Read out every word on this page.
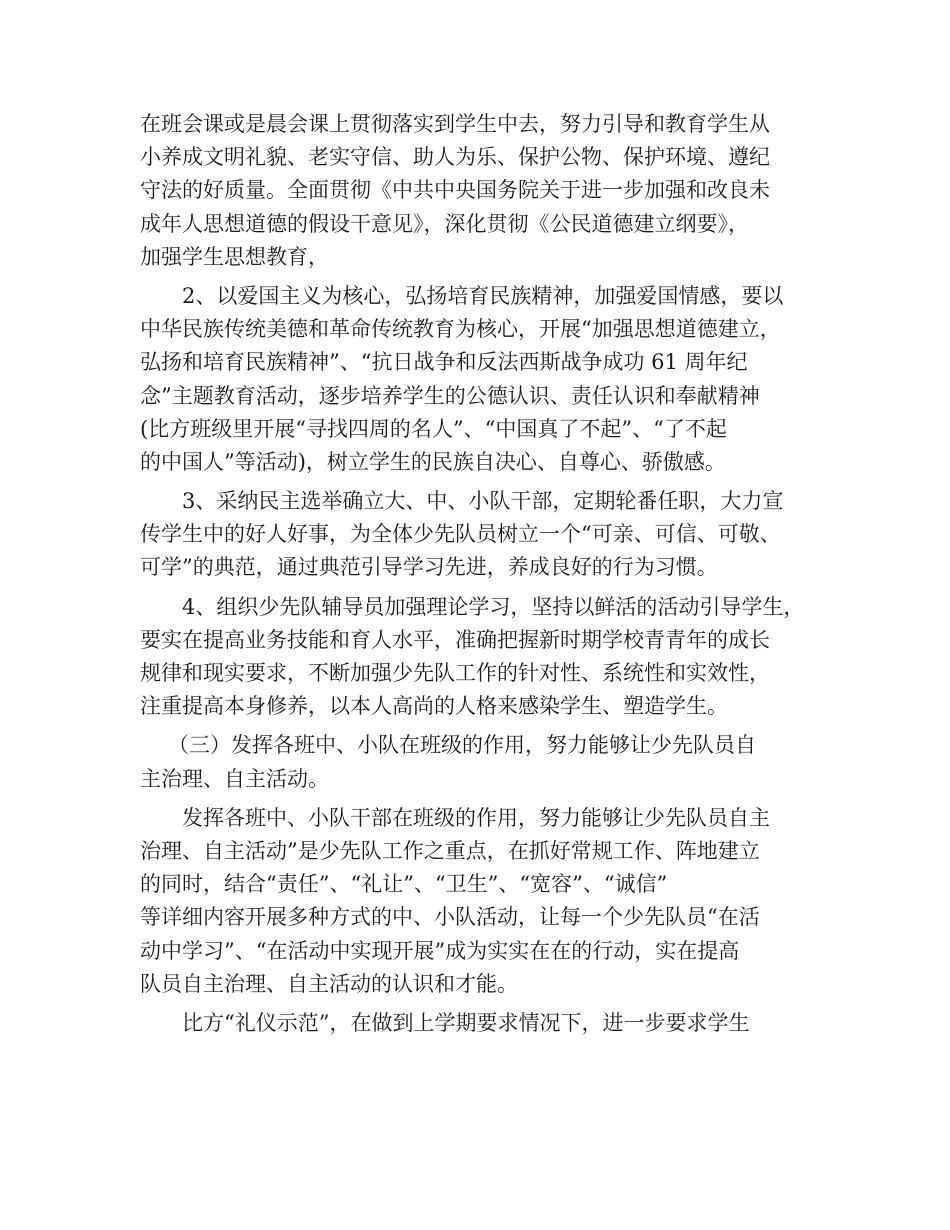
在班会课或是晨会课上贯彻落实到学生中去，努力引导和教育学生从
小养成文明礼貌、老实守信、助人为乐、保护公物、保护环境、遵纪
守法的好质量。全面贯彻《中共中央国务院关于进一步加强和改良未
成年人思想道德的假设干意见》，深化贯彻《公民道德建立纲要》，
加强学生思想教育，
2、以爱国主义为核心，弘扬培育民族精神，加强爱国情感，要以
中华民族传统美德和革命传统教育为核心，开展“加强思想道德建立，
弘扬和培育民族精神”、“抗日战争和反法西斯战争成功 61 周年纪
念”主题教育活动，逐步培养学生的公德认识、责任认识和奉献精神
(比方班级里开展“寻找四周的名人”、“中国真了不起”、“了不起
的中国人”等活动)，树立学生的民族自决心、自尊心、骄傲感。
3、采纳民主选举确立大、中、小队干部，定期轮番任职，大力宣
传学生中的好人好事，为全体少先队员树立一个“可亲、可信、可敬、
可学”的典范，通过典范引导学习先进，养成良好的行为习惯。
4、组织少先队辅导员加强理论学习，坚持以鲜活的活动引导学生，
要实在提高业务技能和育人水平，准确把握新时期学校青青年的成长
规律和现实要求，不断加强少先队工作的针对性、系统性和实效性，
注重提高本身修养，以本人高尚的人格来感染学生、塑造学生。
（三）发挥各班中、小队在班级的作用，努力能够让少先队员自
主治理、自主活动。
发挥各班中、小队干部在班级的作用，努力能够让少先队员自主
治理、自主活动”是少先队工作之重点，在抓好常规工作、阵地建立
的同时，结合“责任”、“礼让”、“卫生”、“宽容”、“诚信”
等详细内容开展多种方式的中、小队活动，让每一个少先队员“在活
动中学习”、“在活动中实现开展”成为实实在在的行动，实在提高
队员自主治理、自主活动的认识和才能。
比方“礼仪示范”，在做到上学期要求情况下，进一步要求学生
